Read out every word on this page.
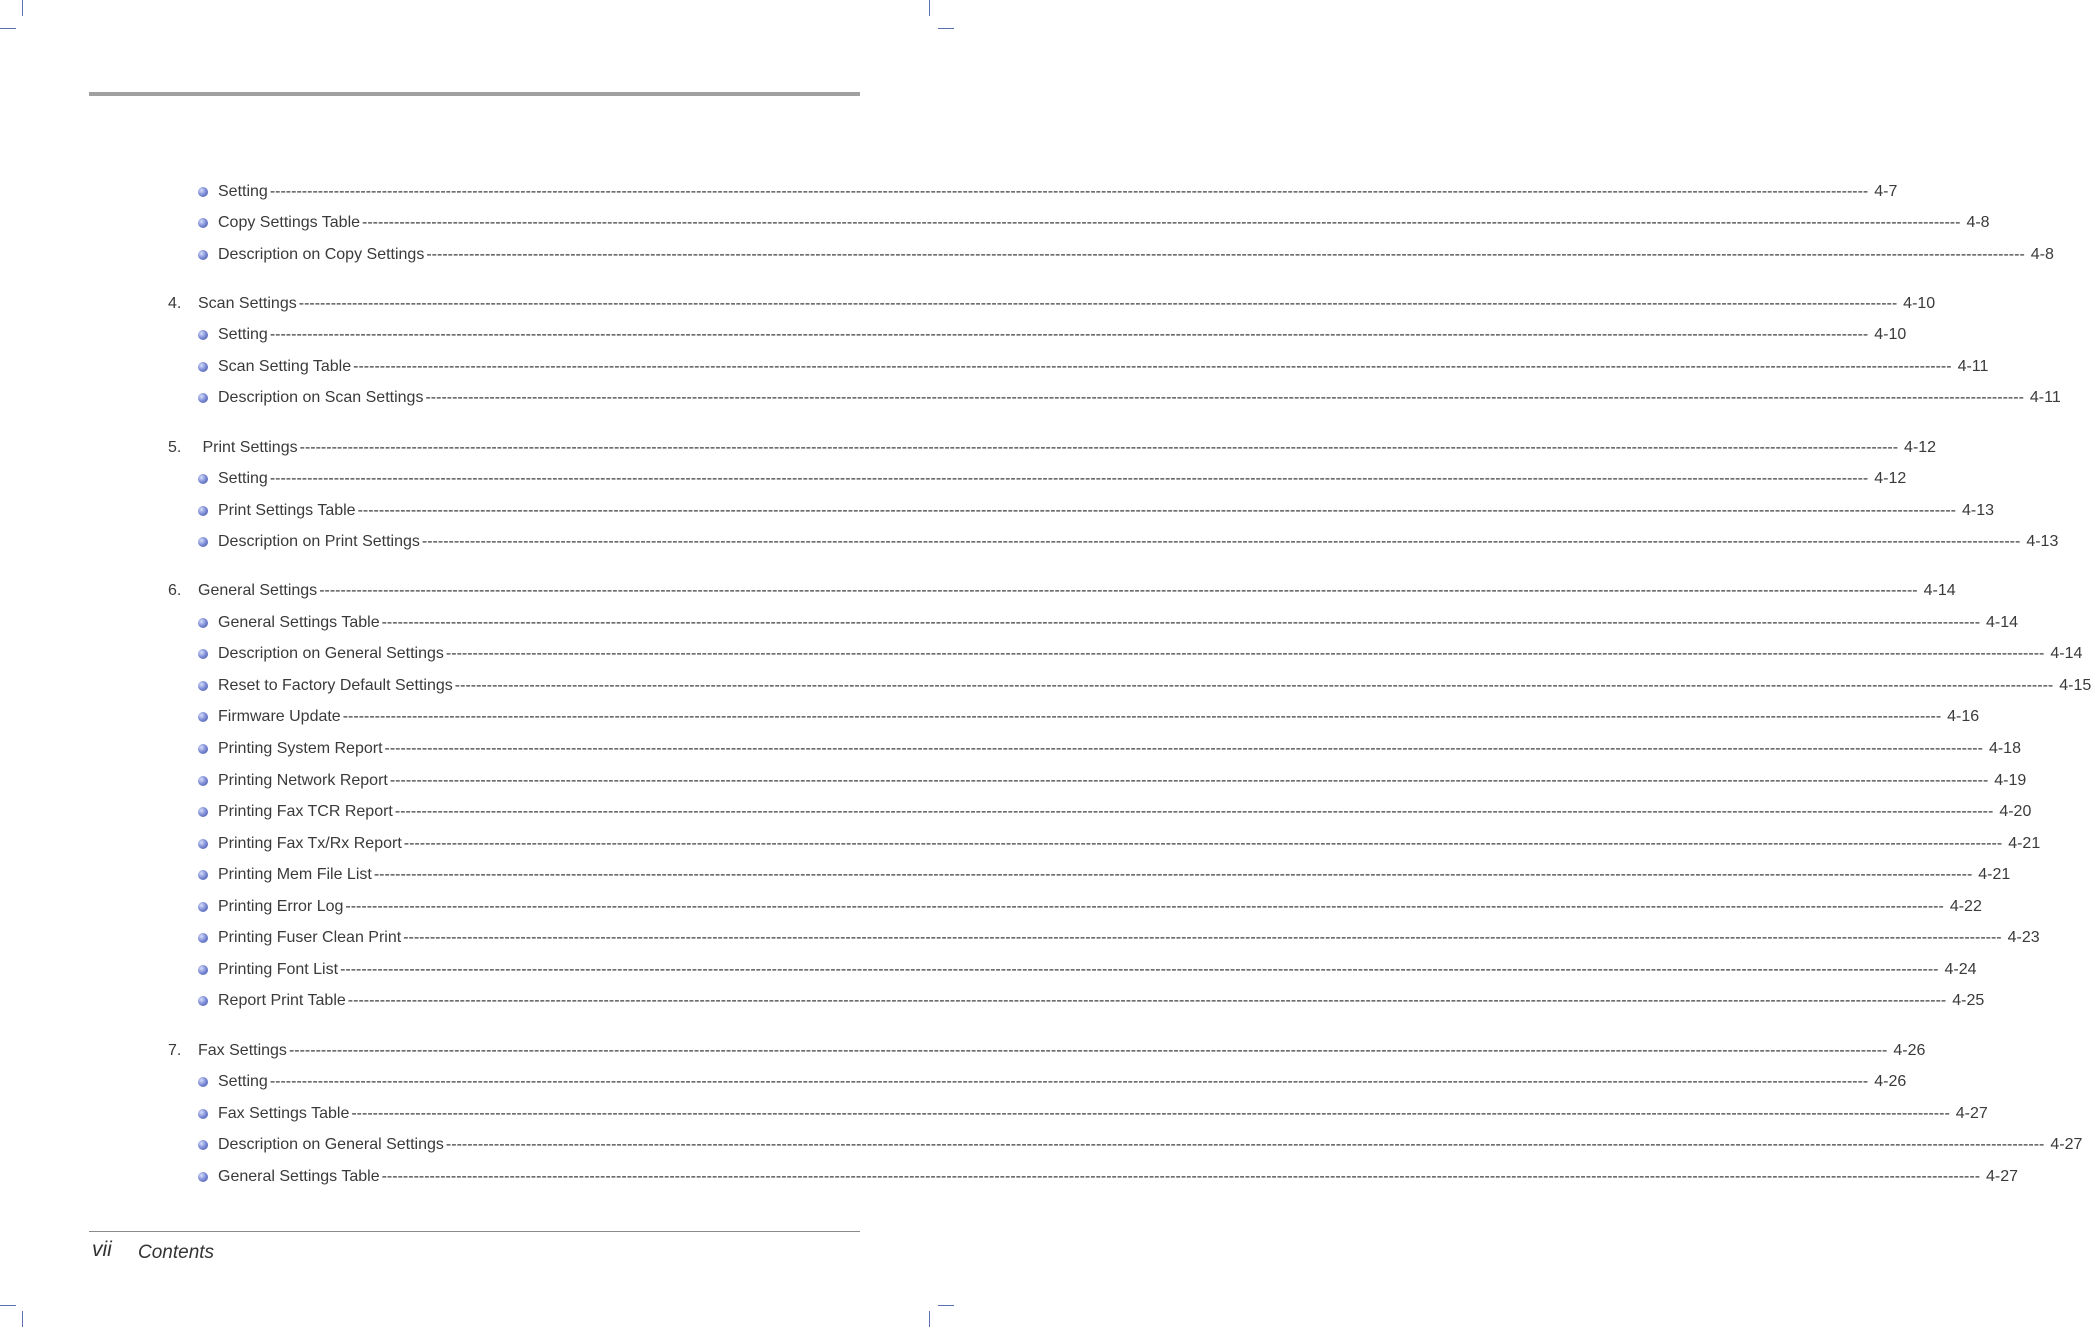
Setting ------------------------------------------------------------------------------------------------------------------------------------------------------------------------------------------------------------------------------------------------------------------------------------------------------------ 4-7
Copy Settings Table ------------------------------------------------------------------------------------------------------------------------------------------------------------------------------------------------------------------------------------------------------------------------------------------------------------ 4-8
Description on Copy Settings ------------------------------------------------------------------------------------------------------------------------------------------------------------------------------------------------------------------------------------------------------------------------------------------------------------ 4-8
4.	Scan Settings ------------------------------------------------------------------------------------------------------------------------------------------------------------------------------------------------------------------------------------------------------------------------------------------------------------ 4-10
Setting ------------------------------------------------------------------------------------------------------------------------------------------------------------------------------------------------------------------------------------------------------------------------------------------------------------ 4-10
Scan Setting Table ------------------------------------------------------------------------------------------------------------------------------------------------------------------------------------------------------------------------------------------------------------------------------------------------------------ 4-11
Description on Scan Settings ------------------------------------------------------------------------------------------------------------------------------------------------------------------------------------------------------------------------------------------------------------------------------------------------------------ 4-11
5.	Print Settings ------------------------------------------------------------------------------------------------------------------------------------------------------------------------------------------------------------------------------------------------------------------------------------------------------------ 4-12
Setting ------------------------------------------------------------------------------------------------------------------------------------------------------------------------------------------------------------------------------------------------------------------------------------------------------------ 4-12
Print Settings Table ------------------------------------------------------------------------------------------------------------------------------------------------------------------------------------------------------------------------------------------------------------------------------------------------------------ 4-13
Description on Print Settings ------------------------------------------------------------------------------------------------------------------------------------------------------------------------------------------------------------------------------------------------------------------------------------------------------------ 4-13
6.	General Settings ------------------------------------------------------------------------------------------------------------------------------------------------------------------------------------------------------------------------------------------------------------------------------------------------------------ 4-14
General Settings Table ------------------------------------------------------------------------------------------------------------------------------------------------------------------------------------------------------------------------------------------------------------------------------------------------------------ 4-14
Description on General Settings ------------------------------------------------------------------------------------------------------------------------------------------------------------------------------------------------------------------------------------------------------------------------------------------------------------ 4-14
Reset to Factory Default Settings ------------------------------------------------------------------------------------------------------------------------------------------------------------------------------------------------------------------------------------------------------------------------------------------------------------ 4-15
Firmware Update ------------------------------------------------------------------------------------------------------------------------------------------------------------------------------------------------------------------------------------------------------------------------------------------------------------ 4-16
Printing System Report ------------------------------------------------------------------------------------------------------------------------------------------------------------------------------------------------------------------------------------------------------------------------------------------------------------ 4-18
Printing Network Report ------------------------------------------------------------------------------------------------------------------------------------------------------------------------------------------------------------------------------------------------------------------------------------------------------------ 4-19
Printing Fax TCR Report ------------------------------------------------------------------------------------------------------------------------------------------------------------------------------------------------------------------------------------------------------------------------------------------------------------ 4-20
Printing Fax Tx/Rx Report ------------------------------------------------------------------------------------------------------------------------------------------------------------------------------------------------------------------------------------------------------------------------------------------------------------ 4-21
Printing Mem File List ------------------------------------------------------------------------------------------------------------------------------------------------------------------------------------------------------------------------------------------------------------------------------------------------------------ 4-21
Printing Error Log ------------------------------------------------------------------------------------------------------------------------------------------------------------------------------------------------------------------------------------------------------------------------------------------------------------ 4-22
Printing Fuser Clean Print ------------------------------------------------------------------------------------------------------------------------------------------------------------------------------------------------------------------------------------------------------------------------------------------------------------ 4-23
Printing Font List ------------------------------------------------------------------------------------------------------------------------------------------------------------------------------------------------------------------------------------------------------------------------------------------------------------ 4-24
Report Print Table ------------------------------------------------------------------------------------------------------------------------------------------------------------------------------------------------------------------------------------------------------------------------------------------------------------ 4-25
7.	Fax Settings ------------------------------------------------------------------------------------------------------------------------------------------------------------------------------------------------------------------------------------------------------------------------------------------------------------ 4-26
Setting ------------------------------------------------------------------------------------------------------------------------------------------------------------------------------------------------------------------------------------------------------------------------------------------------------------ 4-26
Fax Settings Table ------------------------------------------------------------------------------------------------------------------------------------------------------------------------------------------------------------------------------------------------------------------------------------------------------------ 4-27
Description on General Settings ------------------------------------------------------------------------------------------------------------------------------------------------------------------------------------------------------------------------------------------------------------------------------------------------------------ 4-27
General Settings Table ------------------------------------------------------------------------------------------------------------------------------------------------------------------------------------------------------------------------------------------------------------------------------------------------------------ 4-27
vii Contents
